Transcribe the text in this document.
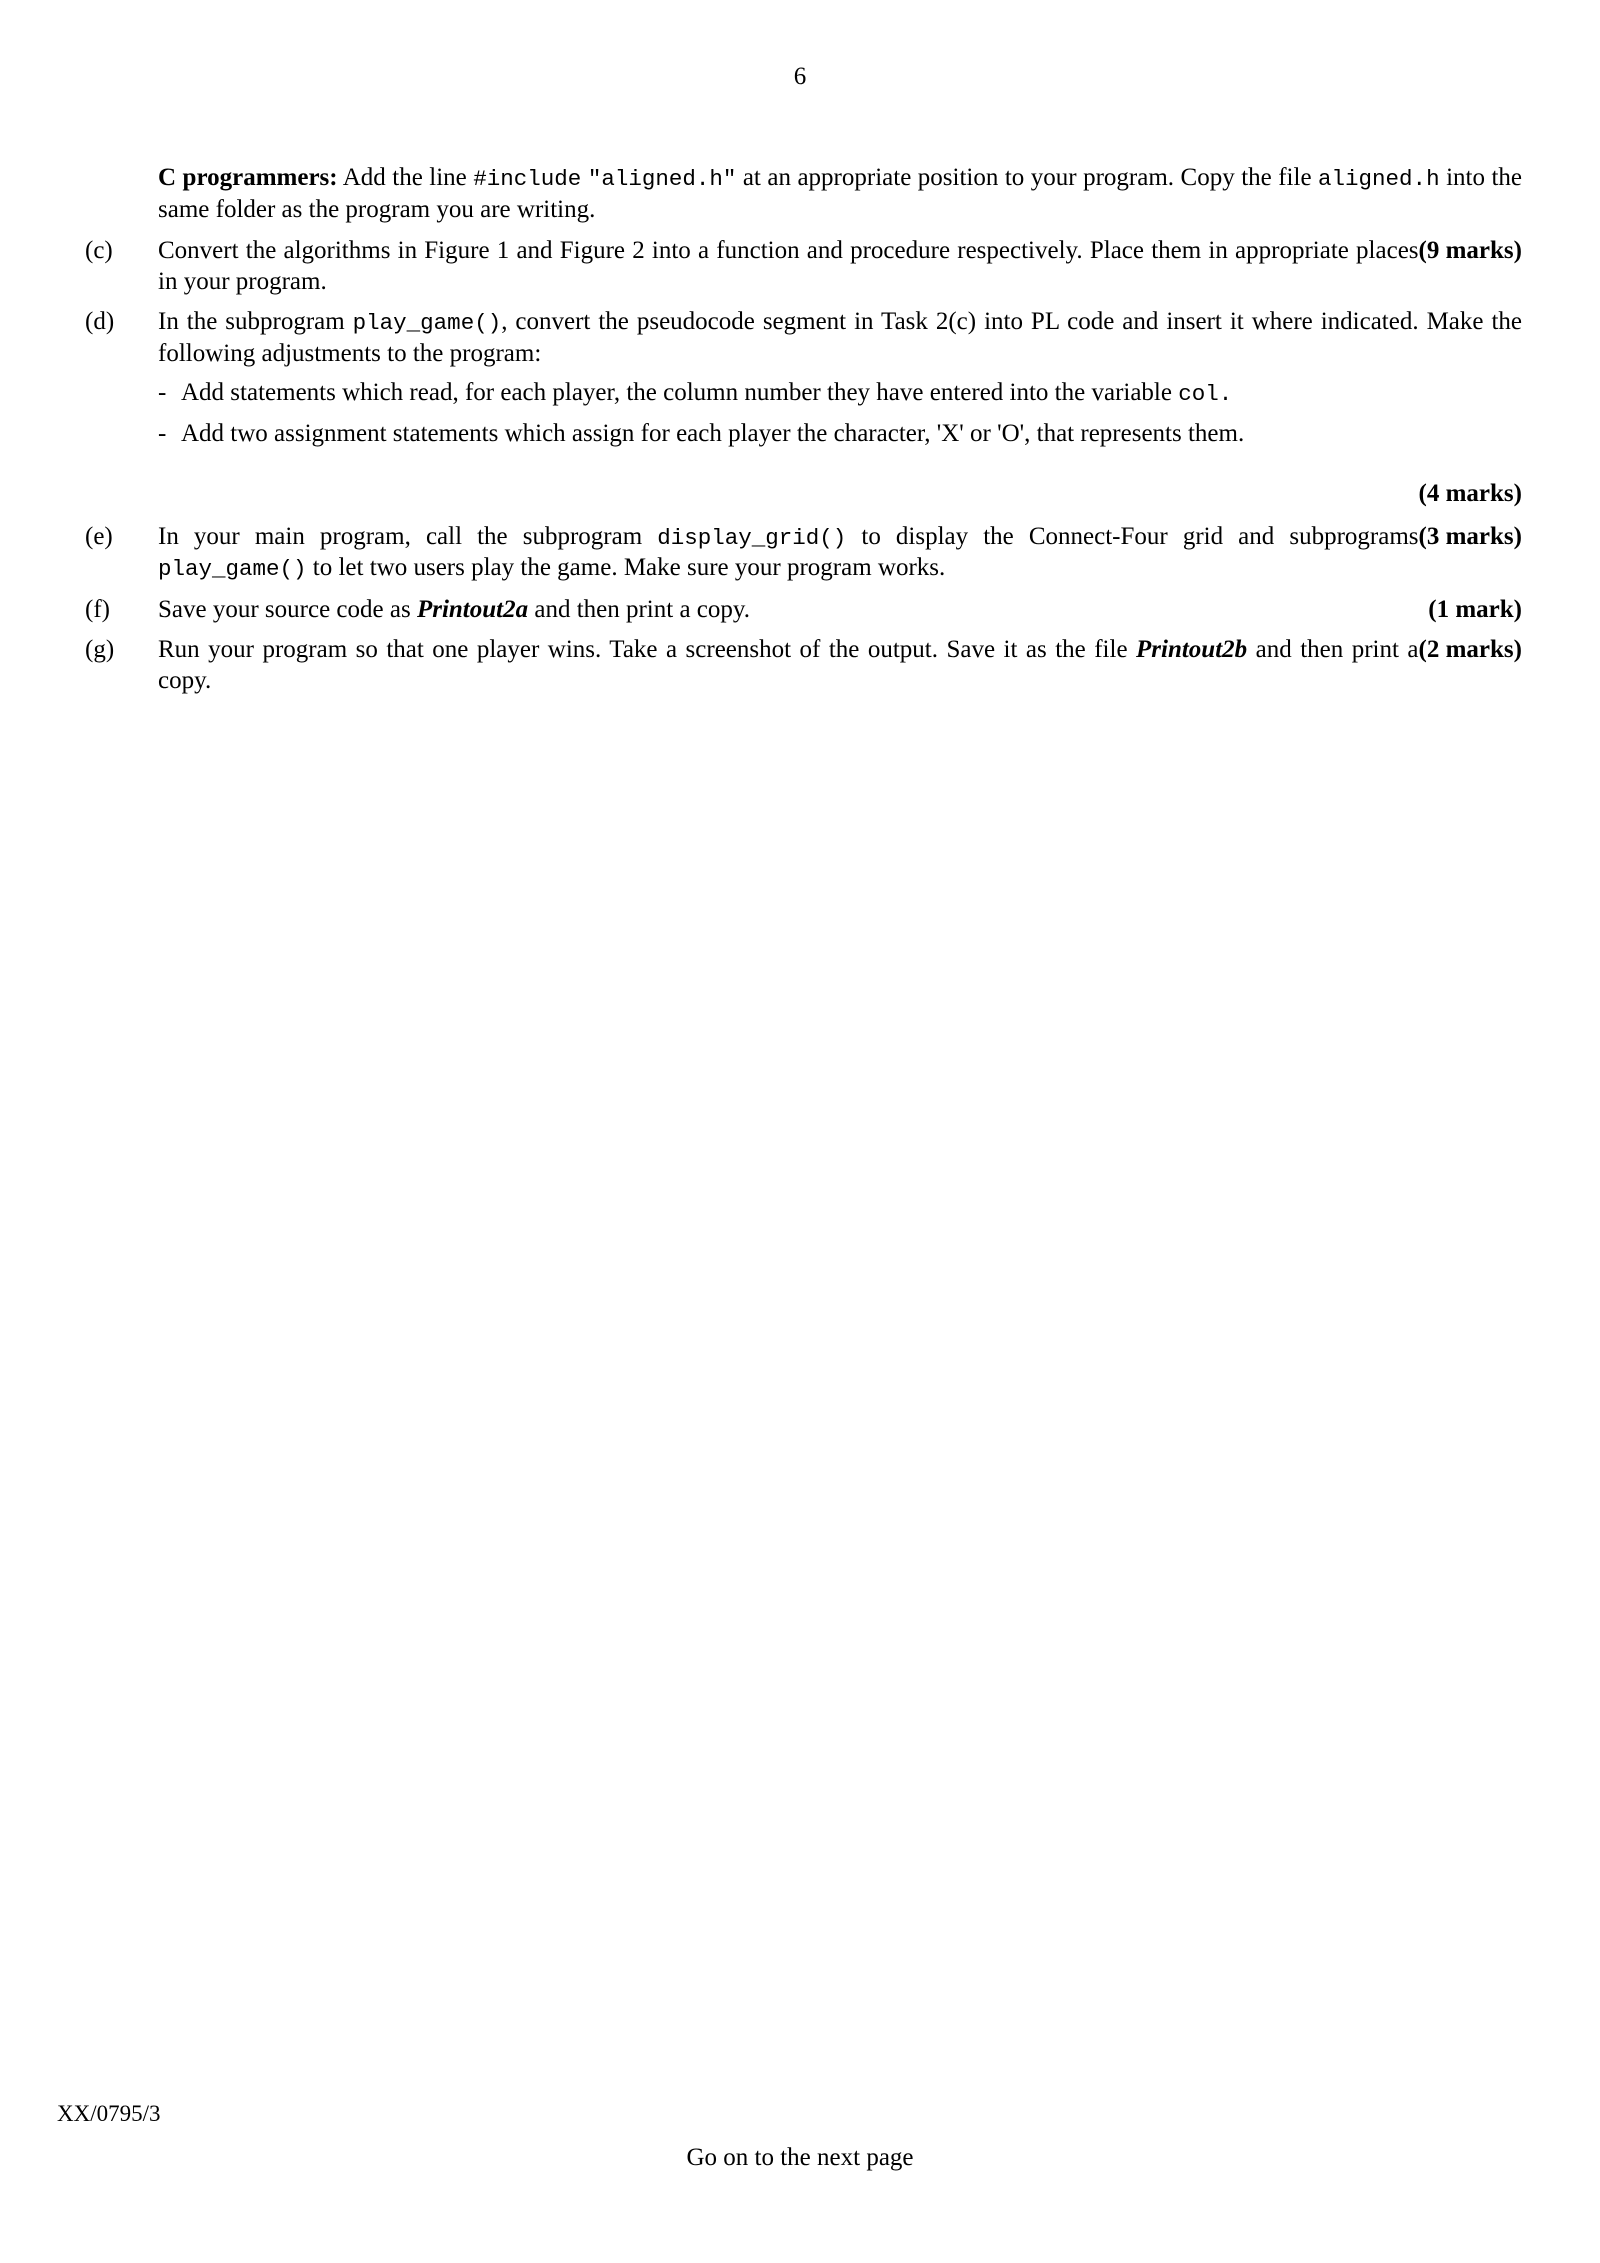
6
C programmers: Add the line #include "aligned.h" at an appropriate position to your program. Copy the file aligned.h into the same folder as the program you are writing.
(c)	(9 marks)
Convert the algorithms in Figure 1 and Figure 2 into a function and procedure respectively. Place them in appropriate places in your program.
(d)	In the subprogram play_game(), convert the pseudocode segment in Task 2(c) into PL code and insert it where indicated. Make the following adjustments to the program:
- Add statements which read, for each player, the column number they have entered into the variable col.
- Add two assignment statements which assign for each player the character, 'X' or 'O', that represents them.
(4 marks)
(e)	(3 marks)
In your main program, call the subprogram display_grid() to display the Connect-Four grid and subprograms play_game() to let two users play the game. Make sure your program works.
(f)	(1 mark)
Save your source code as Printout2a and then print a copy.
(g)	(2 marks)
Run your program so that one player wins. Take a screenshot of the output. Save it as the file Printout2b and then print a copy.
XX/0795/3
Go on to the next page
